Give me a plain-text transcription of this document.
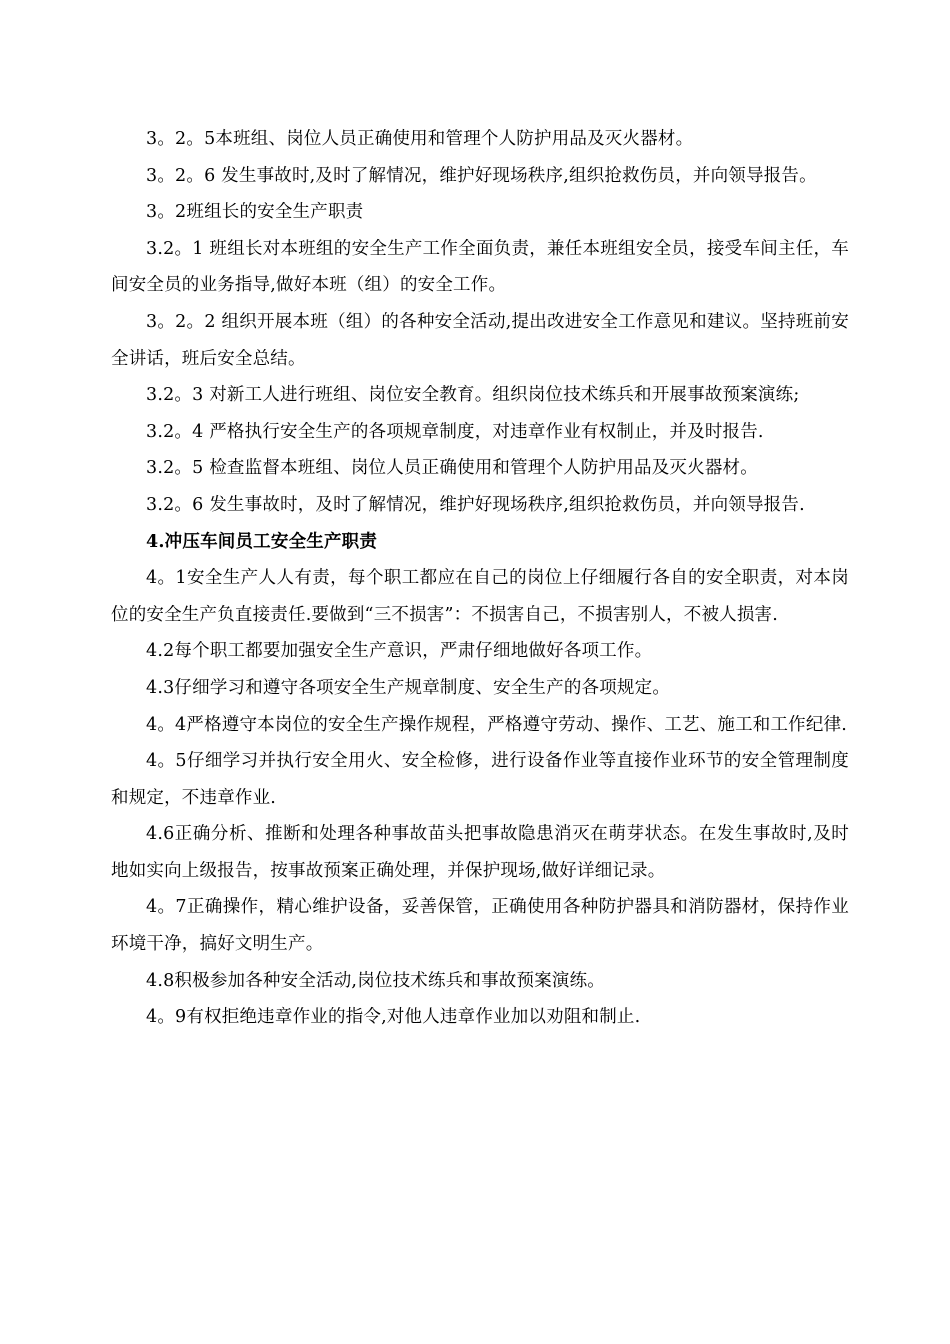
3。2。5本班组、岗位人员正确使用和管理个人防护用品及灭火器材。

3。2。6 发生事故时,及时了解情况，维护好现场秩序,组织抢救伤员，并向领导报告。

3。2班组长的安全生产职责

3.2。1 班组长对本班组的安全生产工作全面负责，兼任本班组安全员，接受车间主任，车间安全员的业务指导,做好本班（组）的安全工作。

3。2。2 组织开展本班（组）的各种安全活动,提出改进安全工作意见和建议。坚持班前安全讲话，班后安全总结。

3.2。3 对新工人进行班组、岗位安全教育。组织岗位技术练兵和开展事故预案演练;

3.2。4 严格执行安全生产的各项规章制度，对违章作业有权制止，并及时报告.

3.2。5 检查监督本班组、岗位人员正确使用和管理个人防护用品及灭火器材。

3.2。6 发生事故时，及时了解情况，维护好现场秩序,组织抢救伤员，并向领导报告.

4.冲压车间员工安全生产职责

4。1安全生产人人有责，每个职工都应在自己的岗位上仔细履行各自的安全职责，对本岗位的安全生产负直接责任.要做到“三不损害”：不损害自己，不损害别人，不被人损害.

4.2每个职工都要加强安全生产意识，严肃仔细地做好各项工作。

4.3仔细学习和遵守各项安全生产规章制度、安全生产的各项规定。

4。4严格遵守本岗位的安全生产操作规程，严格遵守劳动、操作、工艺、施工和工作纪律.

4。5仔细学习并执行安全用火、安全检修，进行设备作业等直接作业环节的安全管理制度和规定，不违章作业.

4.6正确分析、推断和处理各种事故苗头把事故隐患消灭在萌芽状态。在发生事故时,及时地如实向上级报告，按事故预案正确处理，并保护现场,做好详细记录。

4。7正确操作，精心维护设备，妥善保管，正确使用各种防护器具和消防器材，保持作业环境干净，搞好文明生产。

4.8积极参加各种安全活动,岗位技术练兵和事故预案演练。

4。9有权拒绝违章作业的指令,对他人违章作业加以劝阻和制止.
